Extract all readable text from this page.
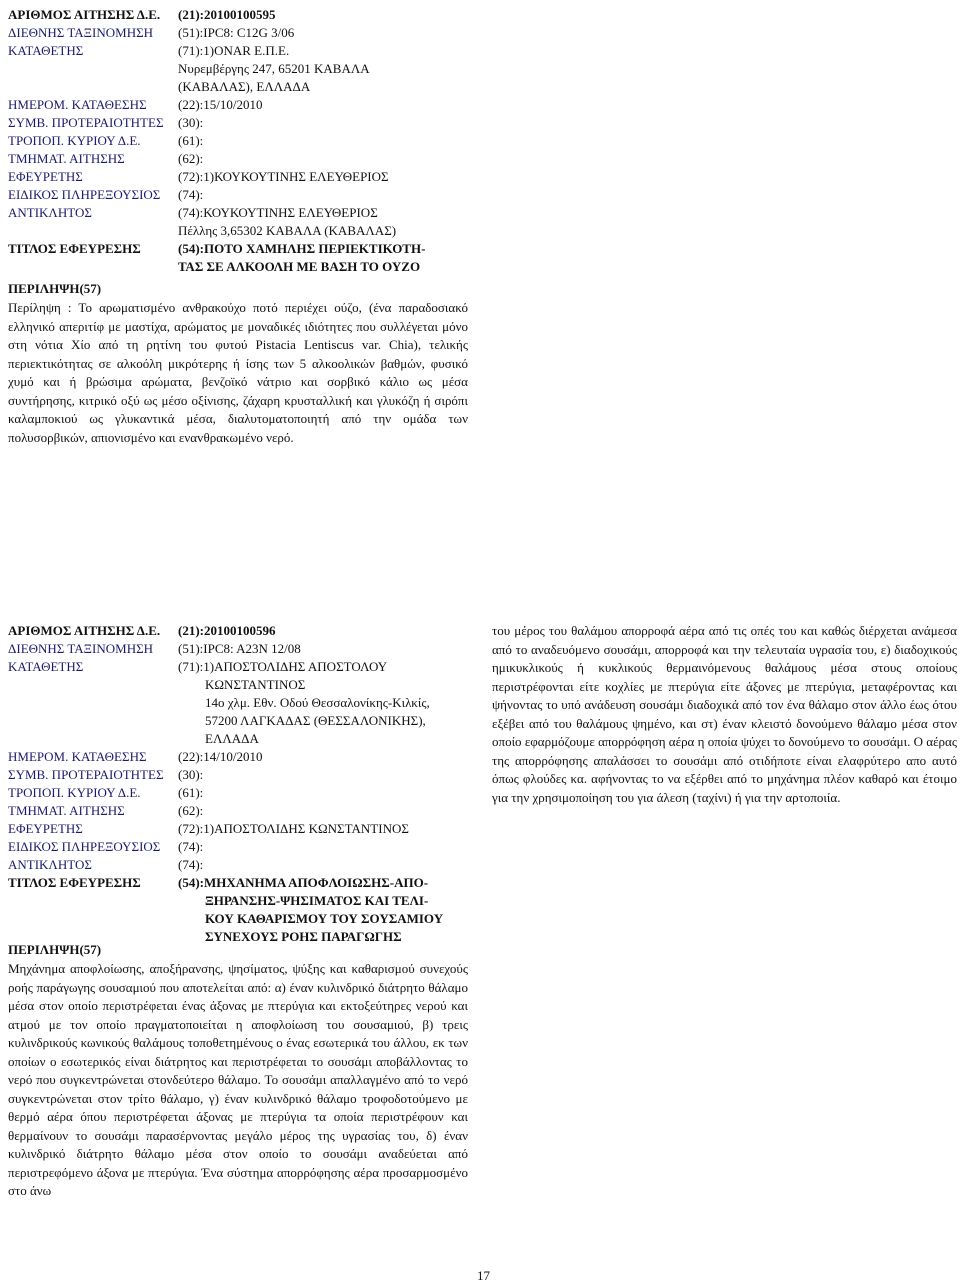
ΑΡΙΘΜΟΣ ΑΙΤΗΣΗΣ Δ.Ε. (21):20100100595
ΔΙΕΘΝΗΣ ΤΑΞΙΝΟΜΗΣΗ (51):IPC8: C12G 3/06
ΚΑΤΑΘΕΤΗΣ	(71):1)ΟΝΑR Ε.Π.Ε.
Νυρεμβέργης 247, 65201 ΚΑΒΑΛΑ
(ΚΑΒΑΛΑΣ), ΕΛΛΑΔΑ
ΗΜΕΡΟΜ. ΚΑΤΑΘΕΣΗΣ (22):15/10/2010
ΣΥΜΒ. ΠΡΟΤΕΡΑΙΟΤΗΤΕΣ (30):
ΤΡΟΠΟΠ. ΚΥΡΙΟΥ Δ.Ε.	(61):
ΤΜΗΜΑΤ. ΑΙΤΗΣΗΣ	(62):
ΕΦΕΥΡΕΤΗΣ	(72):1)ΚΟΥΚΟΥΤΙΝΗΣ ΕΛΕΥΘΕΡΙΟΣ
ΕΙΔΙΚΟΣ ΠΛΗΡΕΞΟΥΣΙΟΣ (74):
ΑΝΤΙΚΛΗΤΟΣ	(74):ΚΟΥΚΟΥΤΙΝΗΣ ΕΛΕΥΘΕΡΙΟΣ
Πέλλης 3,65302 ΚΑΒΑΛΑ (ΚΑΒΑΛΑΣ)
ΤΙΤΛΟΣ ΕΦΕΥΡΕΣΗΣ	(54):ΠΟΤΟ ΧΑΜΗΛΗΣ ΠΕΡΙΕΚΤΙΚΟΤΗ-
ΤΑΣ ΣΕ ΑΛΚΟΟΛΗ ΜΕ ΒΑΣΗ ΤΟ ΟΥΖΟ
ΠΕΡΙΛΗΨΗ(57)
Περίληψη : Το αρωματισμένο ανθρακούχο ποτό περιέχει ούζο, (ένα παραδοσιακό ελληνικό απεριτίφ με μαστίχα, αρώματος με μοναδικές ιδιότητες που συλλέγεται μόνο στη νότια Χίο από τη ρητίνη του φυτού Pistacia Lentiscus var. Chia), τελικής περιεκτικότητας σε αλκοόλη μικρότερης ή ίσης των 5 αλκοολικών βαθμών, φυσικό χυμό και ή βρώσιμα αρώματα, βενζοϊκό νάτριο και σορβικό κάλιο ως μέσα συντήρησης, κιτρικό οξύ ως μέσο οξίνισης, ζάχαρη κρυσταλλική και γλυκόζη ή σιρόπι καλαμποκιού ως γλυκαντικά μέσα, διαλυτοματοποιητή από την ομάδα των πολυσορβικών, απιονισμένο και εναvθρακωμένο νερό.
ΑΡΙΘΜΟΣ ΑΙΤΗΣΗΣ Δ.Ε. (21):20100100596
ΔΙΕΘΝΗΣ ΤΑΞΙΝΟΜΗΣΗ (51):IPC8: A23N 12/08
ΚΑΤΑΘΕΤΗΣ	(71):1)ΑΠΟΣΤΟΛΙΔΗΣ ΑΠΟΣΤΟΛΟΥ
ΚΩΝΣΤΑΝΤΙΝΟΣ
14ο χλμ. Εθν. Οδού Θεσσαλονίκης-Κιλκίς,
57200 ΛΑΓΚΑΔΑΣ (ΘΕΣΣΑΛΟΝΙΚΗΣ),
ΕΛΛΑΔΑ
ΗΜΕΡΟΜ. ΚΑΤΑΘΕΣΗΣ (22):14/10/2010
ΣΥΜΒ. ΠΡΟΤΕΡΑΙΟΤΗΤΕΣ (30):
ΤΡΟΠΟΠ. ΚΥΡΙΟΥ Δ.Ε.	(61):
ΤΜΗΜΑΤ. ΑΙΤΗΣΗΣ	(62):
ΕΦΕΥΡΕΤΗΣ	(72):1)ΑΠΟΣΤΟΛΙΔΗΣ ΚΩΝΣΤΑΝΤΙΝΟΣ
ΕΙΔΙΚΟΣ ΠΛΗΡΕΞΟΥΣΙΟΣ (74):
ΑΝΤΙΚΛΗΤΟΣ	(74):
ΤΙΤΛΟΣ ΕΦΕΥΡΕΣΗΣ	(54):ΜΗΧΑΝΗΜΑ ΑΠΟΦΛΟΙΩΣΗΣ-ΑΠΟ-
ΞΗΡΑΝΣΗΣ-ΨΗΣΙΜΑΤΟΣ ΚΑΙ ΤΕΛΙ-
ΚΟΥ ΚΑΘΑΡΙΣΜΟΥ ΤΟΥ ΣΟΥΣΑΜΙΟΥ
ΣΥΝΕΧΟΥΣ ΡΟΗΣ ΠΑΡΑΓΩΓΗΣ
ΠΕΡΙΛΗΨΗ(57)
Μηχάνημα αποφλοίωσης, αποξήρανσης, ψησίματος, ψύξης και καθαρισμού συνεχούς ροής παράγωγης σουσαμιού που αποτελείται από: α) έναν κυλινδρικό διάτρητο θάλαμο μέσα στον οποίο περιστρέφεται ένας άξονας με πτερύγια και εκτοξεύτηρες νερού και ατμού με τον οποίο πραγματοποιείται η αποφλοίωση του σουσαμιού, β) τρεις κυλινδρικούς κωνικούς θαλάμους τοποθετημένους ο ένας εσωτερικά του άλλου, εκ των οποίων ο εσωτερικός είναι διάτρητος και περιστρέφεται το σουσάμι αποβάλλοντας το νερό που συγκεντρώνεται στονδεύτερο θάλαμο. Το σουσάμι απαλλαγμένο από το νερό συγκεντρώνεται στον τρίτο θάλαμο, γ) έναν κυλινδρικό θάλαμο τροφοδοτούμενο με θερμό αέρα όπου περιστρέφεται άξονας με πτερύγια τα οποία περιστρέφουν και θερμαίνουν το σουσάμι παρασέρνοντας μεγάλο μέρος της υγρασίας του, δ) έναν κυλινδρικό διάτρητο θάλαμο μέσα στον οποίο το σουσάμι αναδεύεται από περιστρεφόμενο άξονα με πτερύγια. Ένα σύστημα απορρόφησης αέρα προσαρμοσμένο στο άνω
του μέρος του θαλάμου απορροφά αέρα από τις οπές του και καθώς διέρχεται ανάμεσα από το αναδευόμενο σουσάμι, απορροφά και την τελευταία υγρασία του, ε) διαδοχικούς ημικυκλικούς ή κυκλικούς θερμαινόμενους θαλάμους μέσα στους οποίους περιστρέφονται είτε κοχλίες με πτερύγια είτε άξονες με πτερύγια, μεταφέροντας και ψήνοντας το υπό ανάδευση σουσάμι διαδοχικά από τον ένα θάλαμο στον άλλο έως ότου εξέβει από του θαλάμους ψημένο, και στ) έναν κλειστό δονούμενο θάλαμο μέσα στον οποίο εφαρμόζουμε απορρόφηση αέρα η οποία ψύχει το δονούμενο το σουσάμι. Ο αέρας της απορρόφησης απαλάσσει το σουσάμι από οτιδήποτε είναι ελαφρύτερο απο αυτό όπως φλούδες κα. αφήνοντας το να εξέρθει από το μηχάνημα πλέον καθαρό και έτοιμο για την χρησιμοποίηση του για άλεση (ταχίνι) ή για την αρτοποιία.
17
